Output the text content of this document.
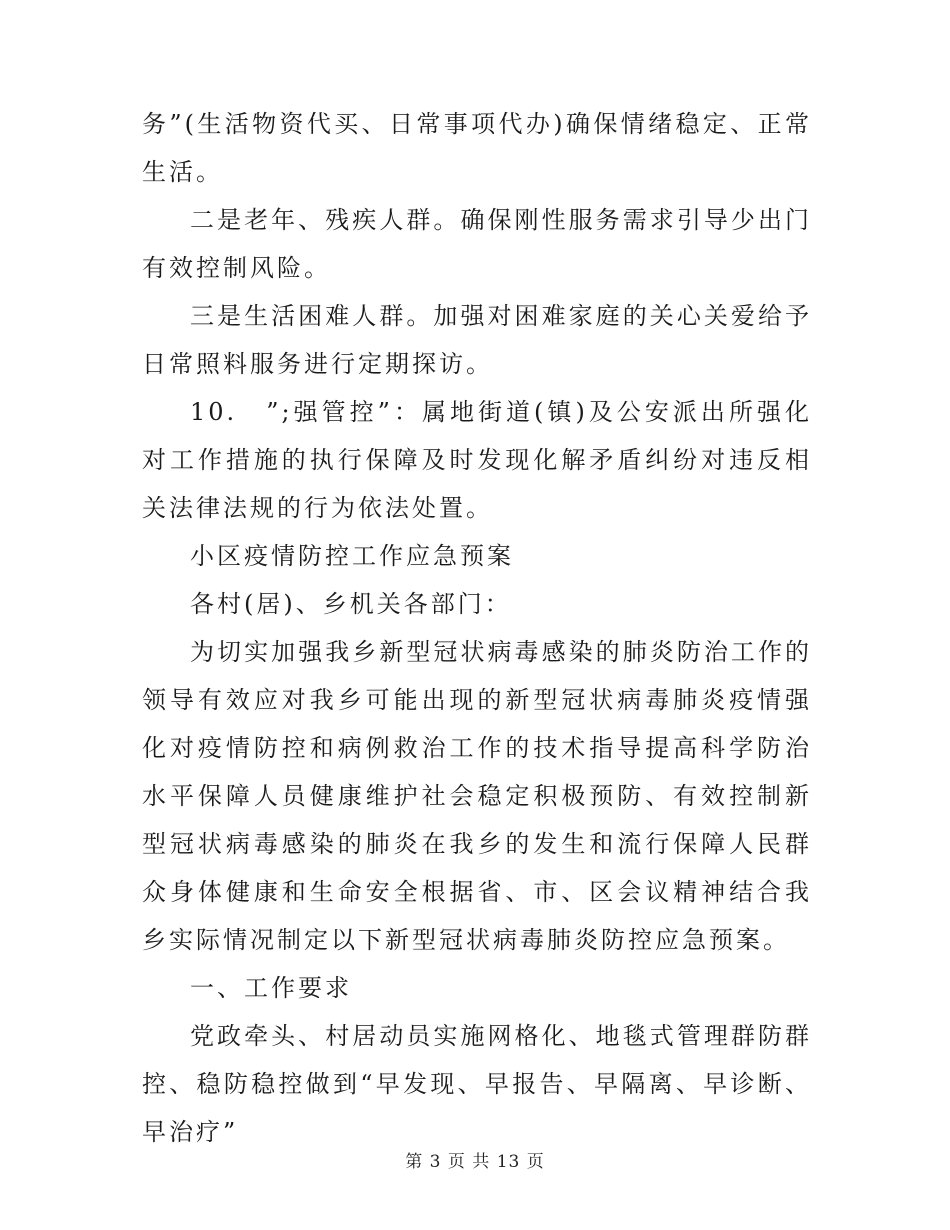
务”(生活物资代买、日常事项代办)确保情绪稳定、正常生活。

二是老年、残疾人群。确保刚性服务需求引导少出门有效控制风险。

三是生活困难人群。加强对困难家庭的关心关爱给予日常照料服务进行定期探访。

10.　”;强管控”：属地街道(镇)及公安派出所强化对工作措施的执行保障及时发现化解矛盾纠纷对违反相关法律法规的行为依法处置。

小区疫情防控工作应急预案

各村(居)、乡机关各部门：

为切实加强我乡新型冠状病毒感染的肺炎防治工作的领导有效应对我乡可能出现的新型冠状病毒肺炎疫情强化对疫情防控和病例救治工作的技术指导提高科学防治水平保障人员健康维护社会稳定积极预防、有效控制新型冠状病毒感染的肺炎在我乡的发生和流行保障人民群众身体健康和生命安全根据省、市、区会议精神结合我乡实际情况制定以下新型冠状病毒肺炎防控应急预案。

一、工作要求

党政牵头、村居动员实施网格化、地毯式管理群防群控、稳防稳控做到“早发现、早报告、早隔离、早诊断、早治疗”

第 3 页 共 13 页
